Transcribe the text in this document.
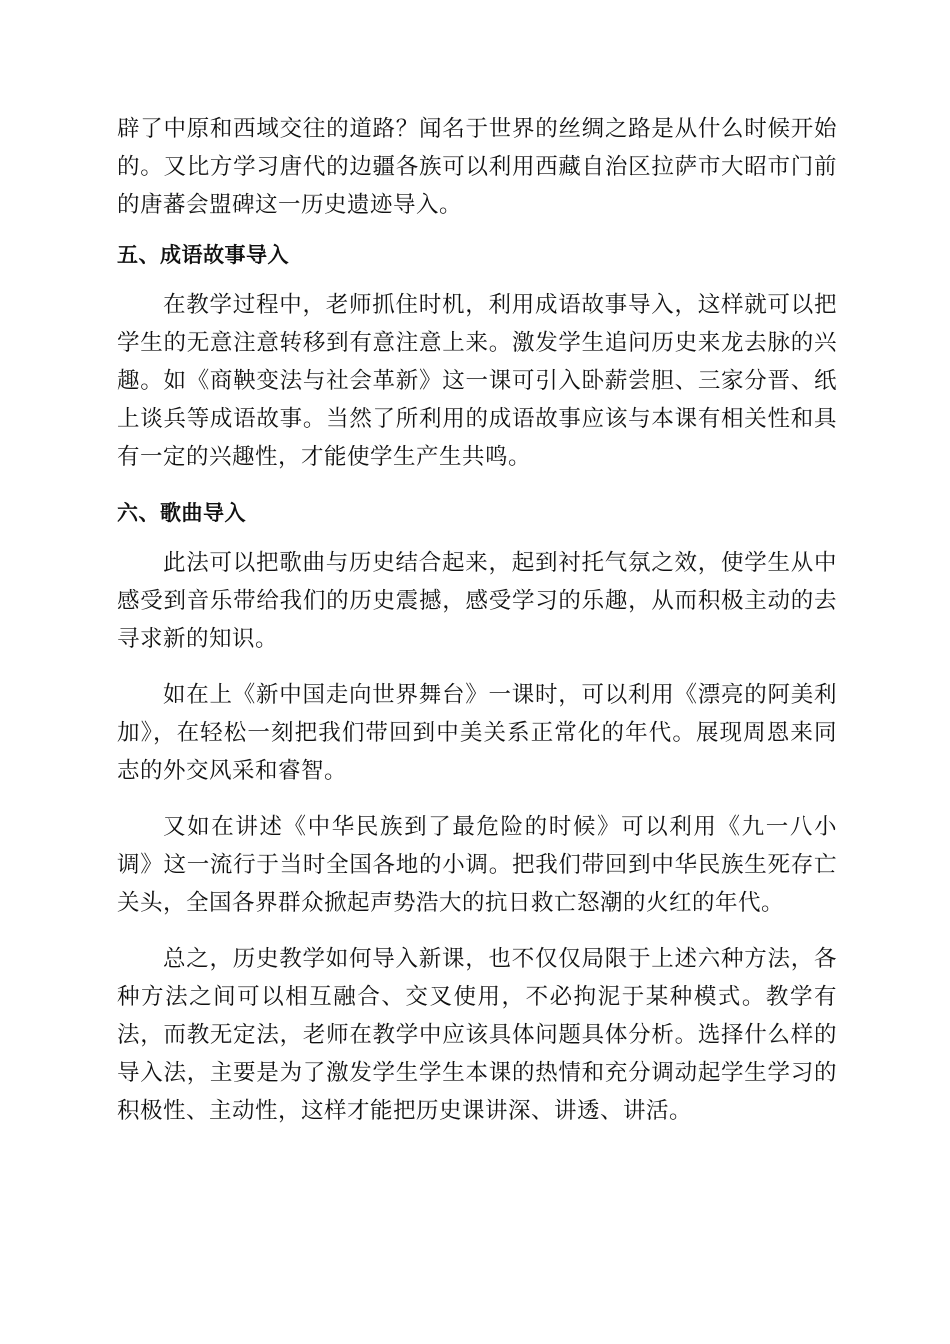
辟了中原和西域交往的道路？闻名于世界的丝绸之路是从什么时候开始的。又比方学习唐代的边疆各族可以利用西藏自治区拉萨市大昭市门前的唐蕃会盟碑这一历史遗迹导入。

五、成语故事导入

在教学过程中，老师抓住时机，利用成语故事导入，这样就可以把学生的无意注意转移到有意注意上来。激发学生追问历史来龙去脉的兴趣。如《商鞅变法与社会革新》这一课可引入卧薪尝胆、三家分晋、纸上谈兵等成语故事。当然了所利用的成语故事应该与本课有相关性和具有一定的兴趣性，才能使学生产生共鸣。

六、歌曲导入

此法可以把歌曲与历史结合起来，起到衬托气氛之效，使学生从中感受到音乐带给我们的历史震撼，感受学习的乐趣，从而积极主动的去寻求新的知识。

如在上《新中国走向世界舞台》一课时，可以利用《漂亮的阿美利加》，在轻松一刻把我们带回到中美关系正常化的年代。展现周恩来同志的外交风采和睿智。

又如在讲述《中华民族到了最危险的时候》可以利用《九一八小调》这一流行于当时全国各地的小调。把我们带回到中华民族生死存亡关头，全国各界群众掀起声势浩大的抗日救亡怒潮的火红的年代。

总之，历史教学如何导入新课，也不仅仅局限于上述六种方法，各种方法之间可以相互融合、交叉使用，不必拘泥于某种模式。教学有法，而教无定法，老师在教学中应该具体问题具体分析。选择什么样的导入法，主要是为了激发学生学生本课的热情和充分调动起学生学习的积极性、主动性，这样才能把历史课讲深、讲透、讲活。
